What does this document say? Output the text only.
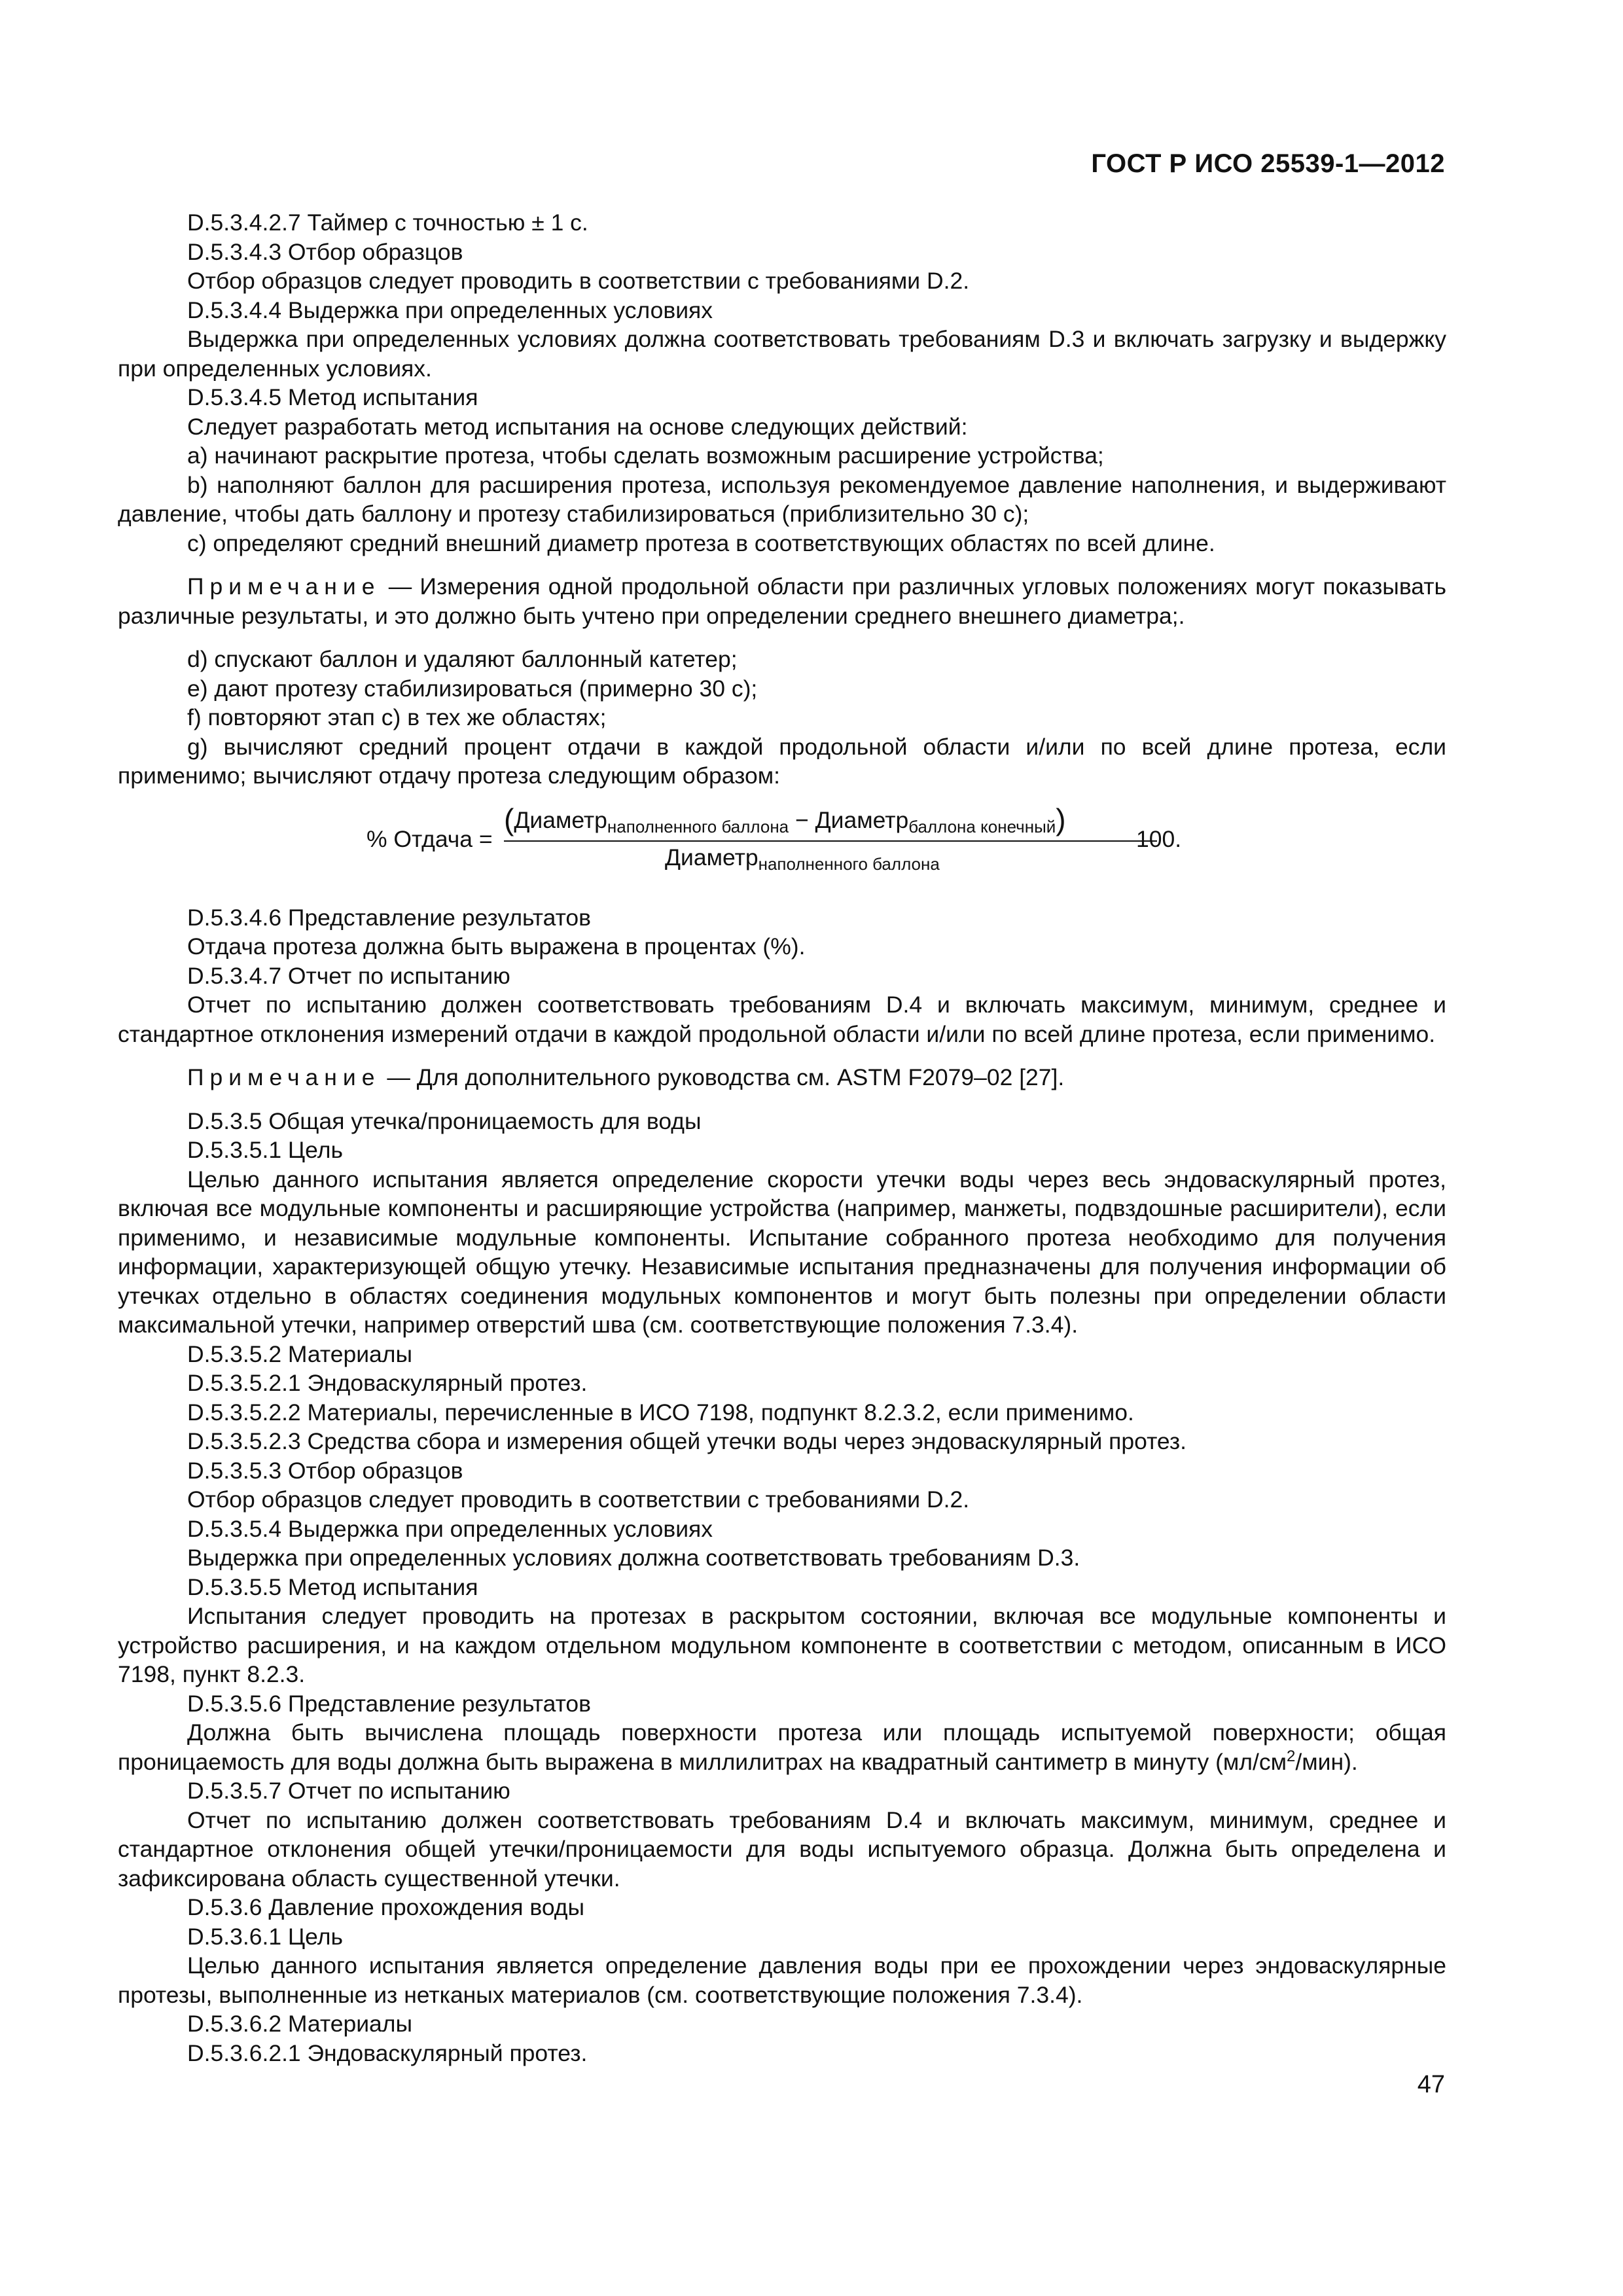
ГОСТ Р ИСО 25539-1—2012

D.5.3.4.2.7 Таймер с точностью ± 1 с.

D.5.3.4.3 Отбор образцов

Отбор образцов следует проводить в соответствии с требованиями D.2.

D.5.3.4.4 Выдержка при определенных условиях

Выдержка при определенных условиях должна соответствовать требованиям D.3 и включать загрузку и выдержку при определенных условиях.

D.5.3.4.5 Метод испытания

Следует разработать метод испытания на основе следующих действий:

a) начинают раскрытие протеза, чтобы сделать возможным расширение устройства;

b) наполняют баллон для расширения протеза, используя рекомендуемое давление наполнения, и выдерживают давление, чтобы дать баллону и протезу стабилизироваться (приблизительно 30 с);

c) определяют средний внешний диаметр протеза в соответствующих областях по всей длине.

Примечание — Измерения одной продольной области при различных угловых положениях могут показывать различные результаты, и это должно быть учтено при определении среднего внешнего диаметра;.

d) спускают баллон и удаляют баллонный катетер;

e) дают протезу стабилизироваться (примерно 30 с);

f) повторяют этап c) в тех же областях;

g) вычисляют средний процент отдачи в каждой продольной области и/или по всей длине протеза, если применимо; вычисляют отдачу протеза следующим образом:

% Отдача =
(Диаметр$_{наполненного баллона}$ − Диаметр$_{баллона конечный}$)
Диаметр$_{наполненного баллона}$
100.

D.5.3.4.6 Представление результатов

Отдача протеза должна быть выражена в процентах (%).

D.5.3.4.7 Отчет по испытанию

Отчет по испытанию должен соответствовать требованиям D.4 и включать максимум, минимум, среднее и стандартное отклонения измерений отдачи в каждой продольной области и/или по всей длине протеза, если применимо.

Примечание — Для дополнительного руководства см. ASTM F2079–02 [27].

D.5.3.5 Общая утечка/проницаемость для воды

D.5.3.5.1 Цель

Целью данного испытания является определение скорости утечки воды через весь эндоваскулярный протез, включая все модульные компоненты и расширяющие устройства (например, манжеты, подвздошные расширители), если применимо, и независимые модульные компоненты. Испытание собранного протеза необходимо для получения информации, характеризующей общую утечку. Независимые испытания предназначены для получения информации об утечках отдельно в областях соединения модульных компонентов и могут быть полезны при определении области максимальной утечки, например отверстий шва (см. соответствующие положения 7.3.4).

D.5.3.5.2 Материалы

D.5.3.5.2.1 Эндоваскулярный протез.

D.5.3.5.2.2 Материалы, перечисленные в ИСО 7198, подпункт 8.2.3.2, если применимо.

D.5.3.5.2.3 Средства сбора и измерения общей утечки воды через эндоваскулярный протез.

D.5.3.5.3 Отбор образцов

Отбор образцов следует проводить в соответствии с требованиями D.2.

D.5.3.5.4 Выдержка при определенных условиях

Выдержка при определенных условиях должна соответствовать требованиям D.3.

D.5.3.5.5 Метод испытания

Испытания следует проводить на протезах в раскрытом состоянии, включая все модульные компоненты и устройство расширения, и на каждом отдельном модульном компоненте в соответствии с методом, описанным в ИСО 7198, пункт 8.2.3.

D.5.3.5.6 Представление результатов

Должна быть вычислена площадь поверхности протеза или площадь испытуемой поверхности; общая проницаемость для воды должна быть выражена в миллилитрах на квадратный сантиметр в минуту $(мл/см^2/мин)$.

D.5.3.5.7 Отчет по испытанию

Отчет по испытанию должен соответствовать требованиям D.4 и включать максимум, минимум, среднее и стандартное отклонения общей утечки/проницаемости для воды испытуемого образца. Должна быть определена и зафиксирована область существенной утечки.

D.5.3.6 Давление прохождения воды

D.5.3.6.1 Цель

Целью данного испытания является определение давления воды при ее прохождении через эндоваскулярные протезы, выполненные из нетканых материалов (см. соответствующие положения 7.3.4).

D.5.3.6.2 Материалы

D.5.3.6.2.1 Эндоваскулярный протез.

47
